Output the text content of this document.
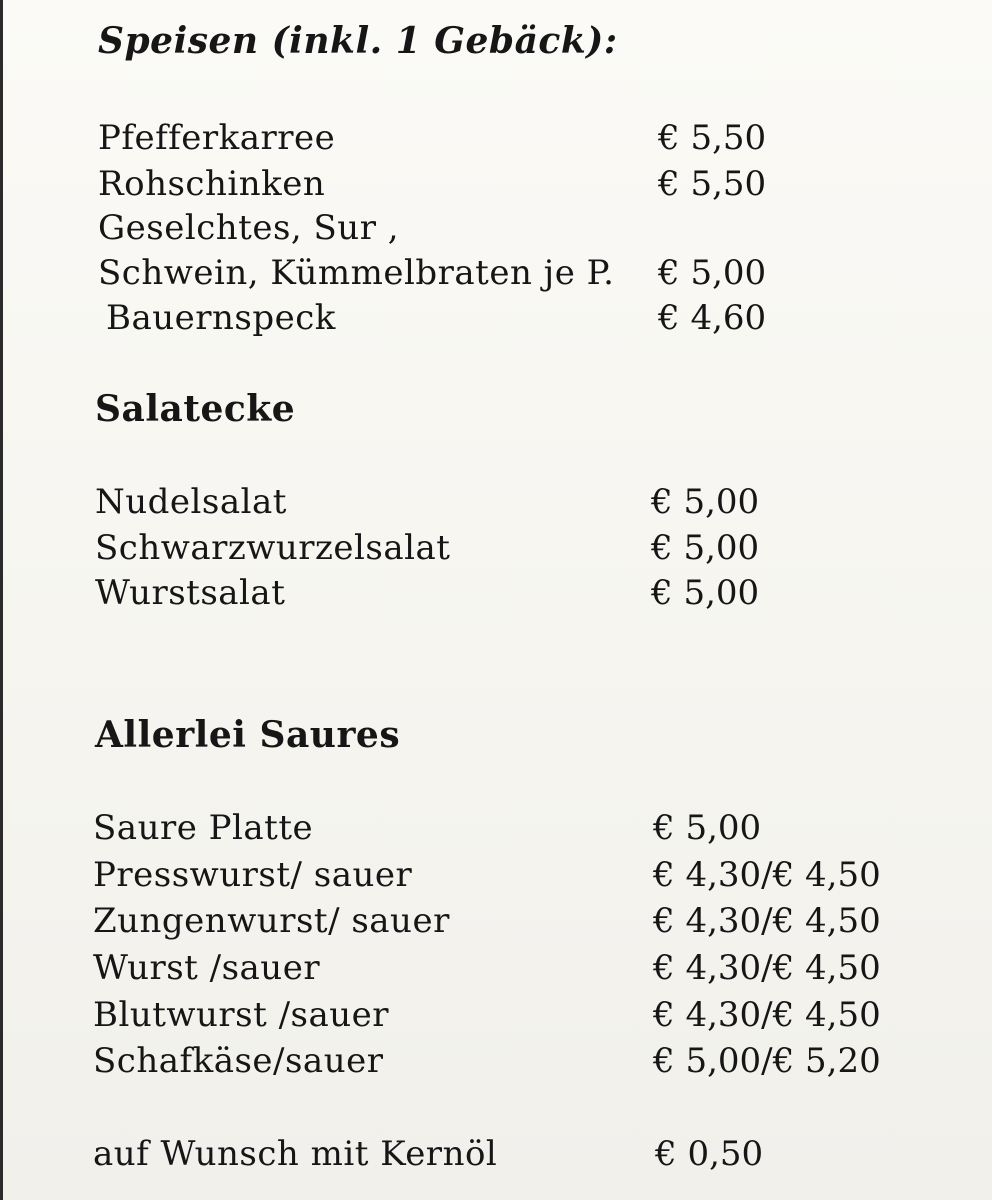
Speisen (inkl. 1 Gebäck):
Pfefferkarree	€ 5,50
Rohschinken	€ 5,50
Geselchtes, Sur ,
Schwein, Kümmelbraten je P. € 5,00
Bauernspeck	€ 4,60
Salatecke
Nudelsalat	€ 5,00
Schwarzwurzelsalat	€ 5,00
Wurstsalat	€ 5,00
Allerlei Saures
Saure Platte	€ 5,00
Presswurst/ sauer	€ 4,30/€ 4,50
Zungenwurst/ sauer	€ 4,30/€ 4,50
Wurst /sauer	€ 4,30/€ 4,50
Blutwurst /sauer	€ 4,30/€ 4,50
Schafkäse/sauer	€ 5,00/€ 5,20
auf Wunsch mit Kernöl	€ 0,50
